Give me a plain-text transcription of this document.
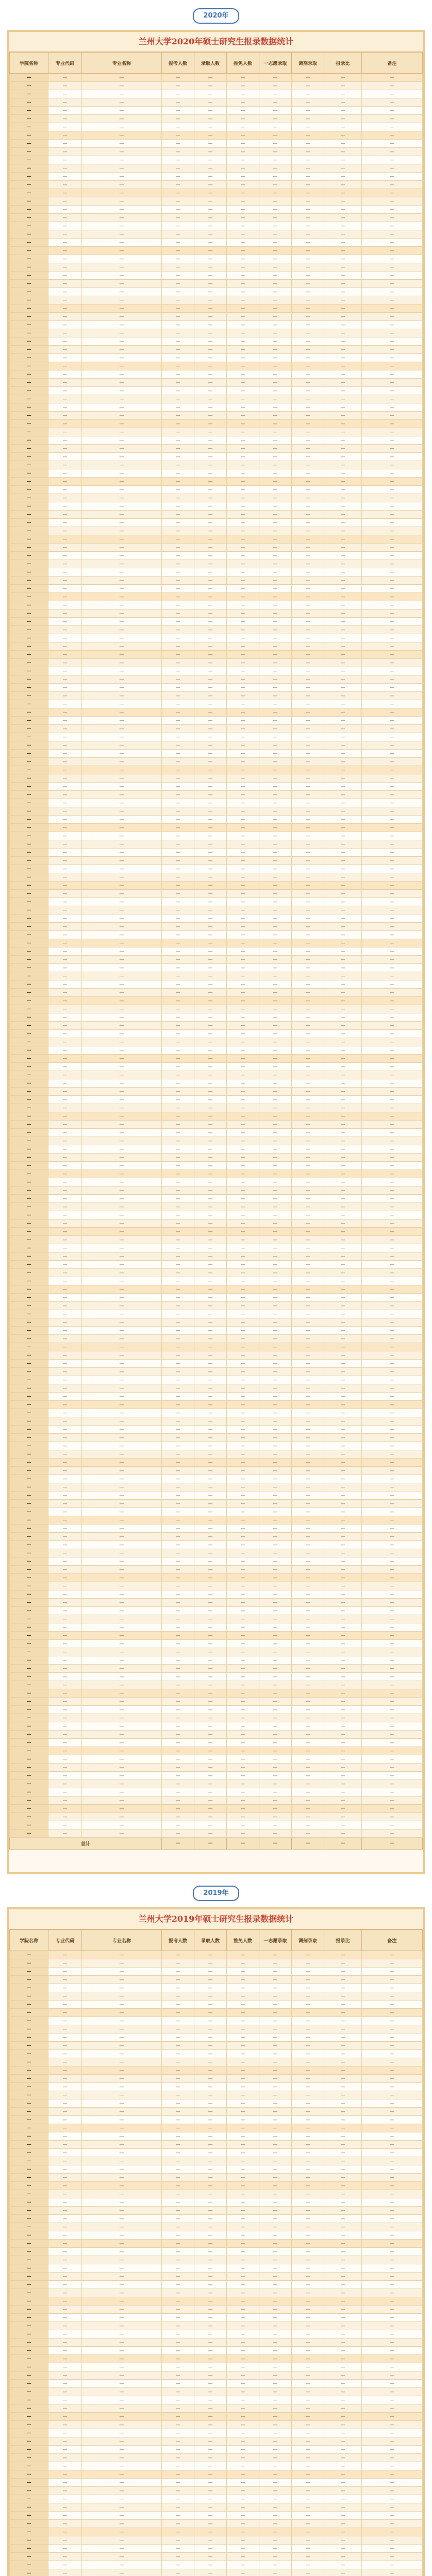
2020年
兰州大学2020年硕士研究生报录数据统计
学院名称	专业代码	专业名称	报考人数	录取人数	推免人数	一志愿录取	调剂录取	报录比	备注
—	—	—	—	—	—	—	—	—	—
—	—	—	—	—	—	—	—	—	—
—	—	—	—	—	—	—	—	—	—
—	—	—	—	—	—	—	—	—	—
—	—	—	—	—	—	—	—	—	—
—	—	—	—	—	—	—	—	—	—
—	—	—	—	—	—	—	—	—	—
—	—	—	—	—	—	—	—	—	—
—	—	—	—	—	—	—	—	—	—
—	—	—	—	—	—	—	—	—	—
—	—	—	—	—	—	—	—	—	—
—	—	—	—	—	—	—	—	—	—
—	—	—	—	—	—	—	—	—	—
—	—	—	—	—	—	—	—	—	—
—	—	—	—	—	—	—	—	—	—
—	—	—	—	—	—	—	—	—	—
—	—	—	—	—	—	—	—	—	—
—	—	—	—	—	—	—	—	—	—
—	—	—	—	—	—	—	—	—	—
—	—	—	—	—	—	—	—	—	—
—	—	—	—	—	—	—	—	—	—
—	—	—	—	—	—	—	—	—	—
—	—	—	—	—	—	—	—	—	—
—	—	—	—	—	—	—	—	—	—
—	—	—	—	—	—	—	—	—	—
—	—	—	—	—	—	—	—	—	—
—	—	—	—	—	—	—	—	—	—
—	—	—	—	—	—	—	—	—	—
—	—	—	—	—	—	—	—	—	—
—	—	—	—	—	—	—	—	—	—
—	—	—	—	—	—	—	—	—	—
—	—	—	—	—	—	—	—	—	—
—	—	—	—	—	—	—	—	—	—
—	—	—	—	—	—	—	—	—	—
—	—	—	—	—	—	—	—	—	—
—	—	—	—	—	—	—	—	—	—
—	—	—	—	—	—	—	—	—	—
—	—	—	—	—	—	—	—	—	—
—	—	—	—	—	—	—	—	—	—
—	—	—	—	—	—	—	—	—	—
—	—	—	—	—	—	—	—	—	—
—	—	—	—	—	—	—	—	—	—
—	—	—	—	—	—	—	—	—	—
—	—	—	—	—	—	—	—	—	—
—	—	—	—	—	—	—	—	—	—
—	—	—	—	—	—	—	—	—	—
—	—	—	—	—	—	—	—	—	—
—	—	—	—	—	—	—	—	—	—
—	—	—	—	—	—	—	—	—	—
—	—	—	—	—	—	—	—	—	—
—	—	—	—	—	—	—	—	—	—
—	—	—	—	—	—	—	—	—	—
—	—	—	—	—	—	—	—	—	—
—	—	—	—	—	—	—	—	—	—
—	—	—	—	—	—	—	—	—	—
—	—	—	—	—	—	—	—	—	—
—	—	—	—	—	—	—	—	—	—
—	—	—	—	—	—	—	—	—	—
—	—	—	—	—	—	—	—	—	—
—	—	—	—	—	—	—	—	—	—
—	—	—	—	—	—	—	—	—	—
—	—	—	—	—	—	—	—	—	—
—	—	—	—	—	—	—	—	—	—
—	—	—	—	—	—	—	—	—	—
—	—	—	—	—	—	—	—	—	—
—	—	—	—	—	—	—	—	—	—
—	—	—	—	—	—	—	—	—	—
—	—	—	—	—	—	—	—	—	—
—	—	—	—	—	—	—	—	—	—
—	—	—	—	—	—	—	—	—	—
—	—	—	—	—	—	—	—	—	—
—	—	—	—	—	—	—	—	—	—
—	—	—	—	—	—	—	—	—	—
—	—	—	—	—	—	—	—	—	—
—	—	—	—	—	—	—	—	—	—
—	—	—	—	—	—	—	—	—	—
—	—	—	—	—	—	—	—	—	—
—	—	—	—	—	—	—	—	—	—
—	—	—	—	—	—	—	—	—	—
—	—	—	—	—	—	—	—	—	—
—	—	—	—	—	—	—	—	—	—
—	—	—	—	—	—	—	—	—	—
—	—	—	—	—	—	—	—	—	—
—	—	—	—	—	—	—	—	—	—
—	—	—	—	—	—	—	—	—	—
—	—	—	—	—	—	—	—	—	—
—	—	—	—	—	—	—	—	—	—
—	—	—	—	—	—	—	—	—	—
—	—	—	—	—	—	—	—	—	—
—	—	—	—	—	—	—	—	—	—
—	—	—	—	—	—	—	—	—	—
—	—	—	—	—	—	—	—	—	—
—	—	—	—	—	—	—	—	—	—
—	—	—	—	—	—	—	—	—	—
—	—	—	—	—	—	—	—	—	—
—	—	—	—	—	—	—	—	—	—
—	—	—	—	—	—	—	—	—	—
—	—	—	—	—	—	—	—	—	—
—	—	—	—	—	—	—	—	—	—
—	—	—	—	—	—	—	—	—	—
—	—	—	—	—	—	—	—	—	—
—	—	—	—	—	—	—	—	—	—
—	—	—	—	—	—	—	—	—	—
—	—	—	—	—	—	—	—	—	—
—	—	—	—	—	—	—	—	—	—
—	—	—	—	—	—	—	—	—	—
—	—	—	—	—	—	—	—	—	—
—	—	—	—	—	—	—	—	—	—
—	—	—	—	—	—	—	—	—	—
—	—	—	—	—	—	—	—	—	—
—	—	—	—	—	—	—	—	—	—
—	—	—	—	—	—	—	—	—	—
—	—	—	—	—	—	—	—	—	—
—	—	—	—	—	—	—	—	—	—
—	—	—	—	—	—	—	—	—	—
—	—	—	—	—	—	—	—	—	—
—	—	—	—	—	—	—	—	—	—
—	—	—	—	—	—	—	—	—	—
—	—	—	—	—	—	—	—	—	—
—	—	—	—	—	—	—	—	—	—
—	—	—	—	—	—	—	—	—	—
—	—	—	—	—	—	—	—	—	—
—	—	—	—	—	—	—	—	—	—
—	—	—	—	—	—	—	—	—	—
—	—	—	—	—	—	—	—	—	—
—	—	—	—	—	—	—	—	—	—
—	—	—	—	—	—	—	—	—	—
—	—	—	—	—	—	—	—	—	—
—	—	—	—	—	—	—	—	—	—
—	—	—	—	—	—	—	—	—	—
—	—	—	—	—	—	—	—	—	—
—	—	—	—	—	—	—	—	—	—
—	—	—	—	—	—	—	—	—	—
—	—	—	—	—	—	—	—	—	—
—	—	—	—	—	—	—	—	—	—
—	—	—	—	—	—	—	—	—	—
—	—	—	—	—	—	—	—	—	—
—	—	—	—	—	—	—	—	—	—
—	—	—	—	—	—	—	—	—	—
—	—	—	—	—	—	—	—	—	—
—	—	—	—	—	—	—	—	—	—
—	—	—	—	—	—	—	—	—	—
—	—	—	—	—	—	—	—	—	—
—	—	—	—	—	—	—	—	—	—
—	—	—	—	—	—	—	—	—	—
—	—	—	—	—	—	—	—	—	—
—	—	—	—	—	—	—	—	—	—
—	—	—	—	—	—	—	—	—	—
—	—	—	—	—	—	—	—	—	—
—	—	—	—	—	—	—	—	—	—
—	—	—	—	—	—	—	—	—	—
—	—	—	—	—	—	—	—	—	—
—	—	—	—	—	—	—	—	—	—
—	—	—	—	—	—	—	—	—	—
—	—	—	—	—	—	—	—	—	—
—	—	—	—	—	—	—	—	—	—
—	—	—	—	—	—	—	—	—	—
—	—	—	—	—	—	—	—	—	—
—	—	—	—	—	—	—	—	—	—
—	—	—	—	—	—	—	—	—	—
—	—	—	—	—	—	—	—	—	—
—	—	—	—	—	—	—	—	—	—
—	—	—	—	—	—	—	—	—	—
—	—	—	—	—	—	—	—	—	—
—	—	—	—	—	—	—	—	—	—
—	—	—	—	—	—	—	—	—	—
—	—	—	—	—	—	—	—	—	—
—	—	—	—	—	—	—	—	—	—
—	—	—	—	—	—	—	—	—	—
—	—	—	—	—	—	—	—	—	—
—	—	—	—	—	—	—	—	—	—
—	—	—	—	—	—	—	—	—	—
—	—	—	—	—	—	—	—	—	—
—	—	—	—	—	—	—	—	—	—
—	—	—	—	—	—	—	—	—	—
—	—	—	—	—	—	—	—	—	—
—	—	—	—	—	—	—	—	—	—
—	—	—	—	—	—	—	—	—	—
—	—	—	—	—	—	—	—	—	—
—	—	—	—	—	—	—	—	—	—
—	—	—	—	—	—	—	—	—	—
—	—	—	—	—	—	—	—	—	—
—	—	—	—	—	—	—	—	—	—
—	—	—	—	—	—	—	—	—	—
—	—	—	—	—	—	—	—	—	—
—	—	—	—	—	—	—	—	—	—
—	—	—	—	—	—	—	—	—	—
—	—	—	—	—	—	—	—	—	—
—	—	—	—	—	—	—	—	—	—
—	—	—	—	—	—	—	—	—	—
—	—	—	—	—	—	—	—	—	—
—	—	—	—	—	—	—	—	—	—
—	—	—	—	—	—	—	—	—	—
—	—	—	—	—	—	—	—	—	—
—	—	—	—	—	—	—	—	—	—
—	—	—	—	—	—	—	—	—	—
—	—	—	—	—	—	—	—	—	—
—	—	—	—	—	—	—	—	—	—
—	—	—	—	—	—	—	—	—	—
—	—	—	—	—	—	—	—	—	—
—	—	—	—	—	—	—	—	—	—
—	—	—	—	—	—	—	—	—	—
—	—	—	—	—	—	—	—	—	—
—	—	—	—	—	—	—	—	—	—
—	—	—	—	—	—	—	—	—	—
—	—	—	—	—	—	—	—	—	—
—	—	—	—	—	—	—	—	—	—
—	—	—	—	—	—	—	—	—	—
—	—	—	—	—	—	—	—	—	—
—	—	—	—	—	—	—	—	—	—
—	—	—	—	—	—	—	—	—	—
—	—	—	—	—	—	—	—	—	—
—	—	—	—	—	—	—	—	—	—
—	—	—	—	—	—	—	—	—	—
总计			—	—	—	—	—	—	—
2019年
兰州大学2019年硕士研究生报录数据统计
学院名称	专业代码	专业名称	报考人数	录取人数	推免人数	一志愿录取	调剂录取	报录比	备注
—	—	—	—	—	—	—	—	—	—
—	—	—	—	—	—	—	—	—	—
—	—	—	—	—	—	—	—	—	—
—	—	—	—	—	—	—	—	—	—
—	—	—	—	—	—	—	—	—	—
—	—	—	—	—	—	—	—	—	—
—	—	—	—	—	—	—	—	—	—
—	—	—	—	—	—	—	—	—	—
—	—	—	—	—	—	—	—	—	—
—	—	—	—	—	—	—	—	—	—
—	—	—	—	—	—	—	—	—	—
—	—	—	—	—	—	—	—	—	—
—	—	—	—	—	—	—	—	—	—
—	—	—	—	—	—	—	—	—	—
—	—	—	—	—	—	—	—	—	—
—	—	—	—	—	—	—	—	—	—
—	—	—	—	—	—	—	—	—	—
—	—	—	—	—	—	—	—	—	—
—	—	—	—	—	—	—	—	—	—
—	—	—	—	—	—	—	—	—	—
—	—	—	—	—	—	—	—	—	—
—	—	—	—	—	—	—	—	—	—
—	—	—	—	—	—	—	—	—	—
—	—	—	—	—	—	—	—	—	—
—	—	—	—	—	—	—	—	—	—
—	—	—	—	—	—	—	—	—	—
—	—	—	—	—	—	—	—	—	—
—	—	—	—	—	—	—	—	—	—
—	—	—	—	—	—	—	—	—	—
—	—	—	—	—	—	—	—	—	—
—	—	—	—	—	—	—	—	—	—
—	—	—	—	—	—	—	—	—	—
—	—	—	—	—	—	—	—	—	—
—	—	—	—	—	—	—	—	—	—
—	—	—	—	—	—	—	—	—	—
—	—	—	—	—	—	—	—	—	—
—	—	—	—	—	—	—	—	—	—
—	—	—	—	—	—	—	—	—	—
—	—	—	—	—	—	—	—	—	—
—	—	—	—	—	—	—	—	—	—
—	—	—	—	—	—	—	—	—	—
—	—	—	—	—	—	—	—	—	—
—	—	—	—	—	—	—	—	—	—
—	—	—	—	—	—	—	—	—	—
—	—	—	—	—	—	—	—	—	—
—	—	—	—	—	—	—	—	—	—
—	—	—	—	—	—	—	—	—	—
—	—	—	—	—	—	—	—	—	—
—	—	—	—	—	—	—	—	—	—
—	—	—	—	—	—	—	—	—	—
—	—	—	—	—	—	—	—	—	—
—	—	—	—	—	—	—	—	—	—
—	—	—	—	—	—	—	—	—	—
—	—	—	—	—	—	—	—	—	—
—	—	—	—	—	—	—	—	—	—
—	—	—	—	—	—	—	—	—	—
—	—	—	—	—	—	—	—	—	—
—	—	—	—	—	—	—	—	—	—
—	—	—	—	—	—	—	—	—	—
—	—	—	—	—	—	—	—	—	—
—	—	—	—	—	—	—	—	—	—
—	—	—	—	—	—	—	—	—	—
—	—	—	—	—	—	—	—	—	—
—	—	—	—	—	—	—	—	—	—
—	—	—	—	—	—	—	—	—	—
—	—	—	—	—	—	—	—	—	—
—	—	—	—	—	—	—	—	—	—
—	—	—	—	—	—	—	—	—	—
—	—	—	—	—	—	—	—	—	—
—	—	—	—	—	—	—	—	—	—
—	—	—	—	—	—	—	—	—	—
—	—	—	—	—	—	—	—	—	—
—	—	—	—	—	—	—	—	—	—
—	—	—	—	—	—	—	—	—	—
—	—	—	—	—	—	—	—	—	—
—	—	—	—	—	—	—	—	—	—
